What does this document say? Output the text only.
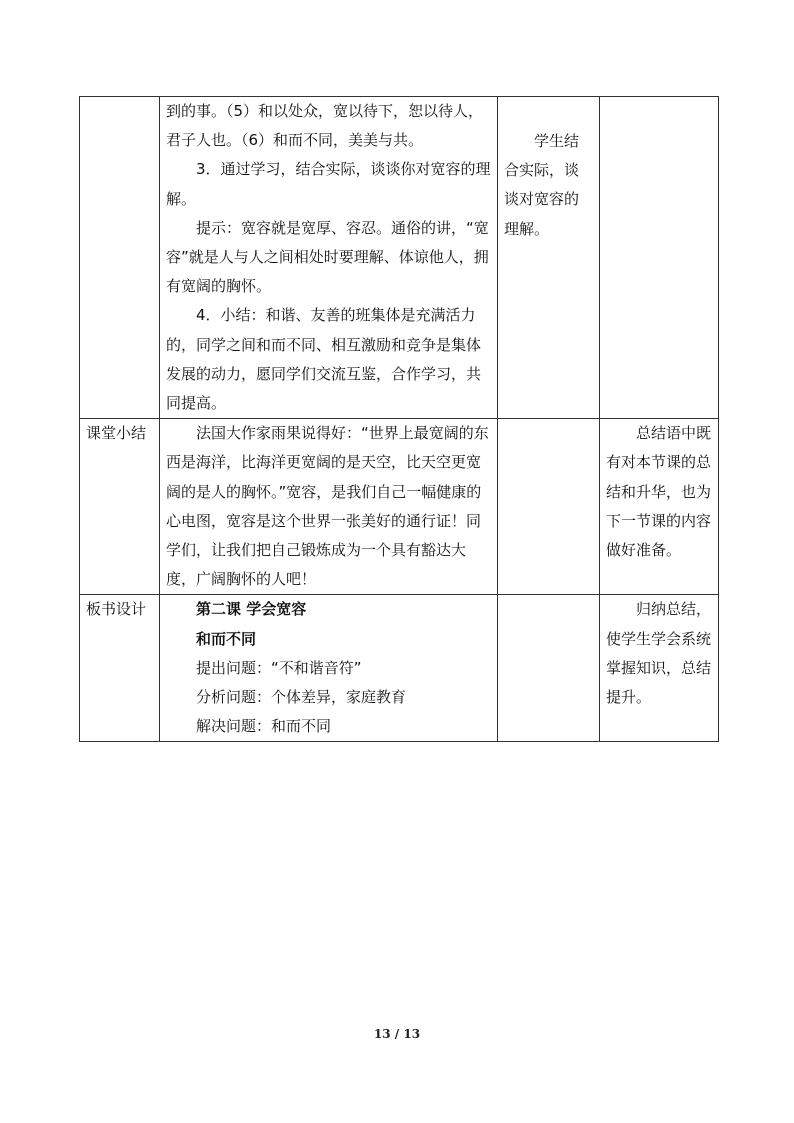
	到的事。（5）和以处众，宽以待下，恕以待人，君子人也。（6）和而不同，美美与共。

3．通过学习，结合实际，谈谈你对宽容的理解。

提示：宽容就是宽厚、容忍。通俗的讲，“宽容”就是人与人之间相处时要理解、体谅他人，拥有宽阔的胸怀。

4．小结：和谐、友善的班集体是充满活力的，同学之间和而不同、相互激励和竞争是集体发展的动力，愿同学们交流互鉴，合作学习，共同提高。	学生结合实际，谈谈对宽容的理解。	

课堂小结	法国大作家雨果说得好：“世界上最宽阔的东西是海洋，比海洋更宽阔的是天空，比天空更宽阔的是人的胸怀。”宽容，是我们自己一幅健康的心电图，宽容是这个世界一张美好的通行证！同学们，让我们把自己锻炼成为一个具有豁达大度，广阔胸怀的人吧！		总结语中既有对本节课的总结和升华，也为下一节课的内容做好准备。

板书设计	第二课 学会宽容

和而不同

提出问题：“不和谐音符”

分析问题：个体差异，家庭教育

解决问题：和而不同		归纳总结，使学生学会系统掌握知识，总结提升。

13 / 13
